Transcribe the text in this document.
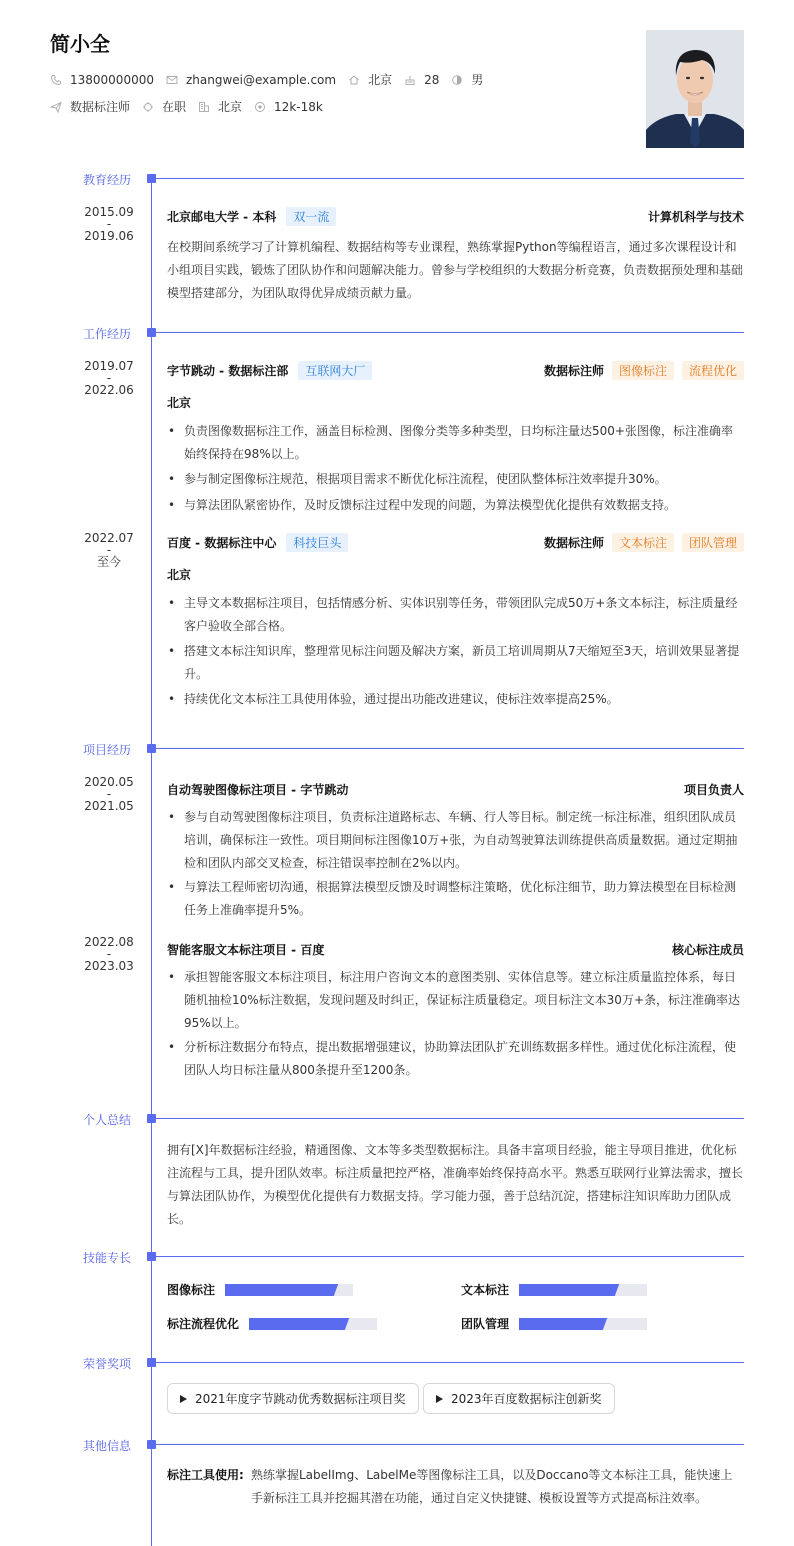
简小全
13800000000	zhangwei@example.com	北京	28	男
数据标注师	在职	北京	12k-18k
教育经历
2015.09
-
2019.06
北京邮电大学 - 本科	双一流	计算机科学与技术
在校期间系统学习了计算机编程、数据结构等专业课程，熟练掌握Python等编程语言，通过多次课程设计和小组项目实践，锻炼了团队协作和问题解决能力。曾参与学校组织的大数据分析竞赛，负责数据预处理和基础模型搭建部分，为团队取得优异成绩贡献力量。
工作经历
2019.07
-
2022.06
字节跳动 - 数据标注部	互联网大厂	数据标注师	图像标注	流程优化
北京
• 负责图像数据标注工作，涵盖目标检测、图像分类等多种类型，日均标注量达500+张图像，标注准确率始终保持在98%以上。
• 参与制定图像标注规范，根据项目需求不断优化标注流程，使团队整体标注效率提升30%。
• 与算法团队紧密协作，及时反馈标注过程中发现的问题，为算法模型优化提供有效数据支持。
2022.07
-
至今
百度 - 数据标注中心	科技巨头	数据标注师	文本标注	团队管理
北京
• 主导文本数据标注项目，包括情感分析、实体识别等任务，带领团队完成50万+条文本标注，标注质量经客户验收全部合格。
• 搭建文本标注知识库，整理常见标注问题及解决方案，新员工培训周期从7天缩短至3天，培训效果显著提升。
• 持续优化文本标注工具使用体验，通过提出功能改进建议，使标注效率提高25%。
项目经历
2020.05
-
2021.05
自动驾驶图像标注项目 - 字节跳动	项目负责人
• 参与自动驾驶图像标注项目，负责标注道路标志、车辆、行人等目标。制定统一标注标准，组织团队成员培训，确保标注一致性。项目期间标注图像10万+张，为自动驾驶算法训练提供高质量数据。通过定期抽检和团队内部交叉检查，标注错误率控制在2%以内。
• 与算法工程师密切沟通，根据算法模型反馈及时调整标注策略，优化标注细节，助力算法模型在目标检测任务上准确率提升5%。
2022.08
-
2023.03
智能客服文本标注项目 - 百度	核心标注成员
• 承担智能客服文本标注项目，标注用户咨询文本的意图类别、实体信息等。建立标注质量监控体系，每日随机抽检10%标注数据，发现问题及时纠正，保证标注质量稳定。项目标注文本30万+条，标注准确率达95%以上。
• 分析标注数据分布特点，提出数据增强建议，协助算法团队扩充训练数据多样性。通过优化标注流程，使团队人均日标注量从800条提升至1200条。
个人总结
拥有[X]年数据标注经验，精通图像、文本等多类型数据标注。具备丰富项目经验，能主导项目推进，优化标注流程与工具，提升团队效率。标注质量把控严格，准确率始终保持高水平。熟悉互联网行业算法需求，擅长与算法团队协作，为模型优化提供有力数据支持。学习能力强，善于总结沉淀，搭建标注知识库助力团队成长。
技能专长
图像标注	文本标注
标注流程优化	团队管理
荣誉奖项
2021年度字节跳动优秀数据标注项目奖	2023年百度数据标注创新奖
其他信息
标注工具使用: 熟练掌握LabelImg、LabelMe等图像标注工具，以及Doccano等文本标注工具，能快速上手新标注工具并挖掘其潜在功能，通过自定义快捷键、模板设置等方式提高标注效率。
